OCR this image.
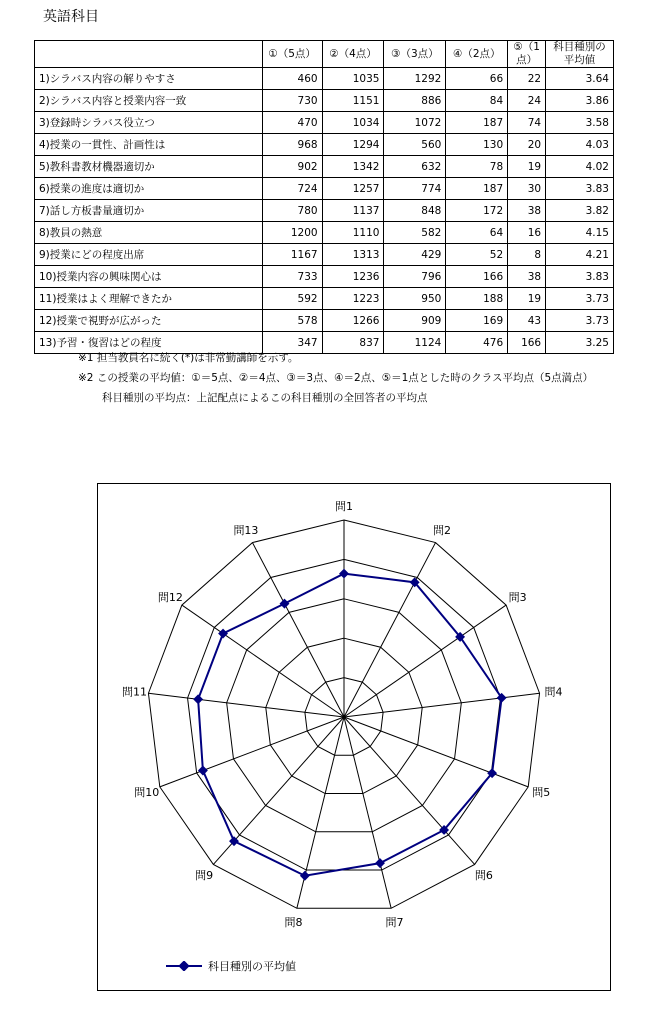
英語科目
	①（5点）	②（4点）	③（3点）	④（2点）	⑤（1点）	科目種別の平均値
1)シラバス内容の解りやすさ	460	1035	1292	66	22	3.64
2)シラバス内容と授業内容一致	730	1151	886	84	24	3.86
3)登録時シラバス役立つ	470	1034	1072	187	74	3.58
4)授業の一貫性、計画性は	968	1294	560	130	20	4.03
5)教科書教材機器適切か	902	1342	632	78	19	4.02
6)授業の進度は適切か	724	1257	774	187	30	3.83
7)話し方板書量適切か	780	1137	848	172	38	3.82
8)教員の熱意	1200	1110	582	64	16	4.15
9)授業にどの程度出席	1167	1313	429	52	8	4.21
10)授業内容の興味関心は	733	1236	796	166	38	3.83
11)授業はよく理解できたか	592	1223	950	188	19	3.73
12)授業で視野が広がった	578	1266	909	169	43	3.73
13)予習・復習はどの程度	347	837	1124	476	166	3.25
※1 担当教員名に続く(*)は非常勤講師を示す。
※2 この授業の平均値：①＝5点、②＝4点、③＝3点、④＝2点、⑤＝1点とした時のクラス平均点（5点満点）
科目種別の平均点：上記配点によるこの科目種別の全回答者の平均点
問1
問2
問3
問4
問5
問6
問7
問8
問9
問10
問11
問12
問13
科目種別の平均値
